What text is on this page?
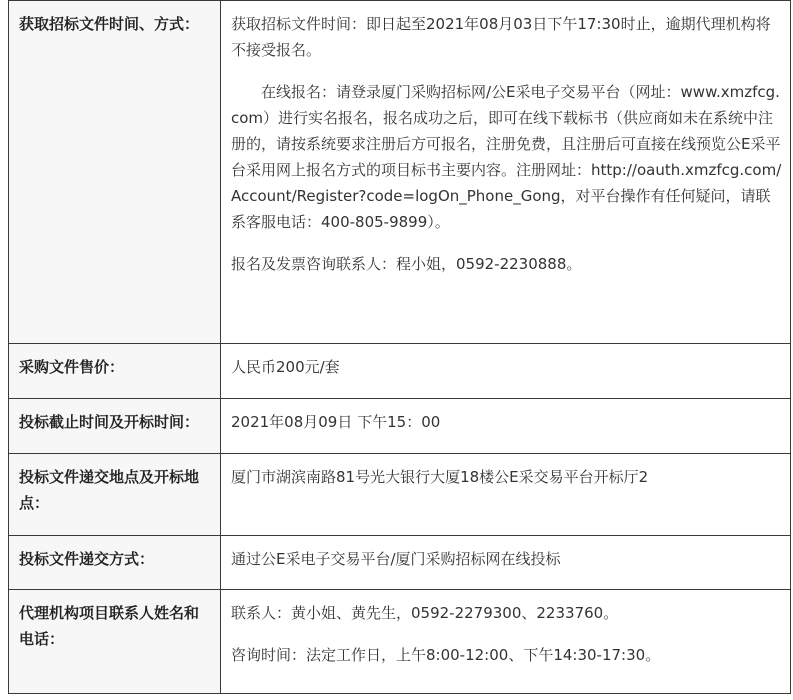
获取招标文件时间、方式：	获取招标文件时间：即日起至2021年08月03日下午17:30时止，逾期代理机构将不接受报名。

在线报名：请登录厦门采购招标网/公E采电子交易平台（网址：www.xmzfcg.com）进行实名报名，报名成功之后，即可在线下载标书（供应商如未在系统中注册的，请按系统要求注册后方可报名，注册免费，且注册后可直接在线预览公E采平台采用网上报名方式的项目标书主要内容。注册网址：http://oauth.xmzfcg.com/Account/Register?code=logOn_Phone_Gong，对平台操作有任何疑问，请联系客服电话：400-805-9899）。

报名及发票咨询联系人：程小姐，0592-2230888。

采购文件售价：	人民币200元/套

投标截止时间及开标时间：	2021年08月09日 下午15：00

投标文件递交地点及开标地点：	厦门市湖滨南路81号光大银行大厦18楼公E采交易平台开标厅2

投标文件递交方式：	通过公E采电子交易平台/厦门采购招标网在线投标

代理机构项目联系人姓名和电话：	联系人：黄小姐、黄先生，0592-2279300、2233760。

咨询时间：法定工作日，上午8:00-12:00、下午14:30-17:30。
